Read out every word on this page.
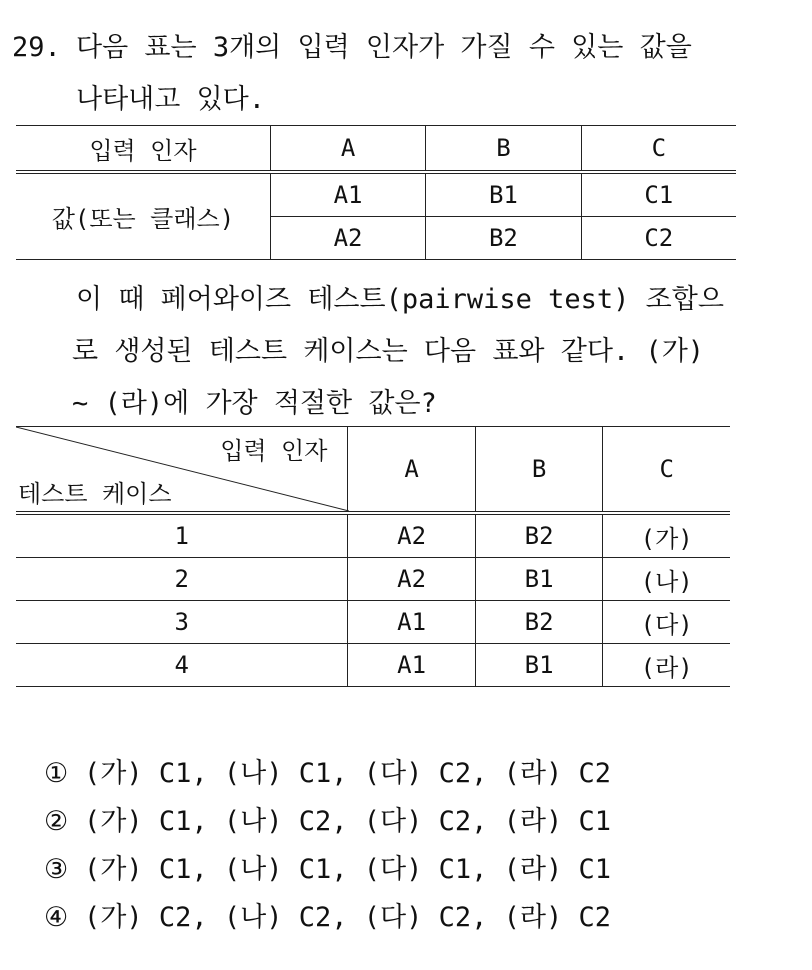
29. 다음 표는 3개의 입력 인자가 가질 수 있는 값을
나타내고 있다.
입력 인자	A	B	C
값(또는 클래스)	A1	B1	C1
	A2	B2	C2
이 때 페어와이즈 테스트(pairwise test) 조합으
로 생성된 테스트 케이스는 다음 표와 같다. (가)
~ (라)에 가장 적절한 값은?
입력 인자
테스트 케이스	A	B	C
1	A2	B2	(가)
2	A2	B1	(나)
3	A1	B2	(다)
4	A1	B1	(라)
① (가) C1, (나) C1, (다) C2, (라) C2
② (가) C1, (나) C2, (다) C2, (라) C1
③ (가) C1, (나) C1, (다) C1, (라) C1
④ (가) C2, (나) C2, (다) C2, (라) C2
